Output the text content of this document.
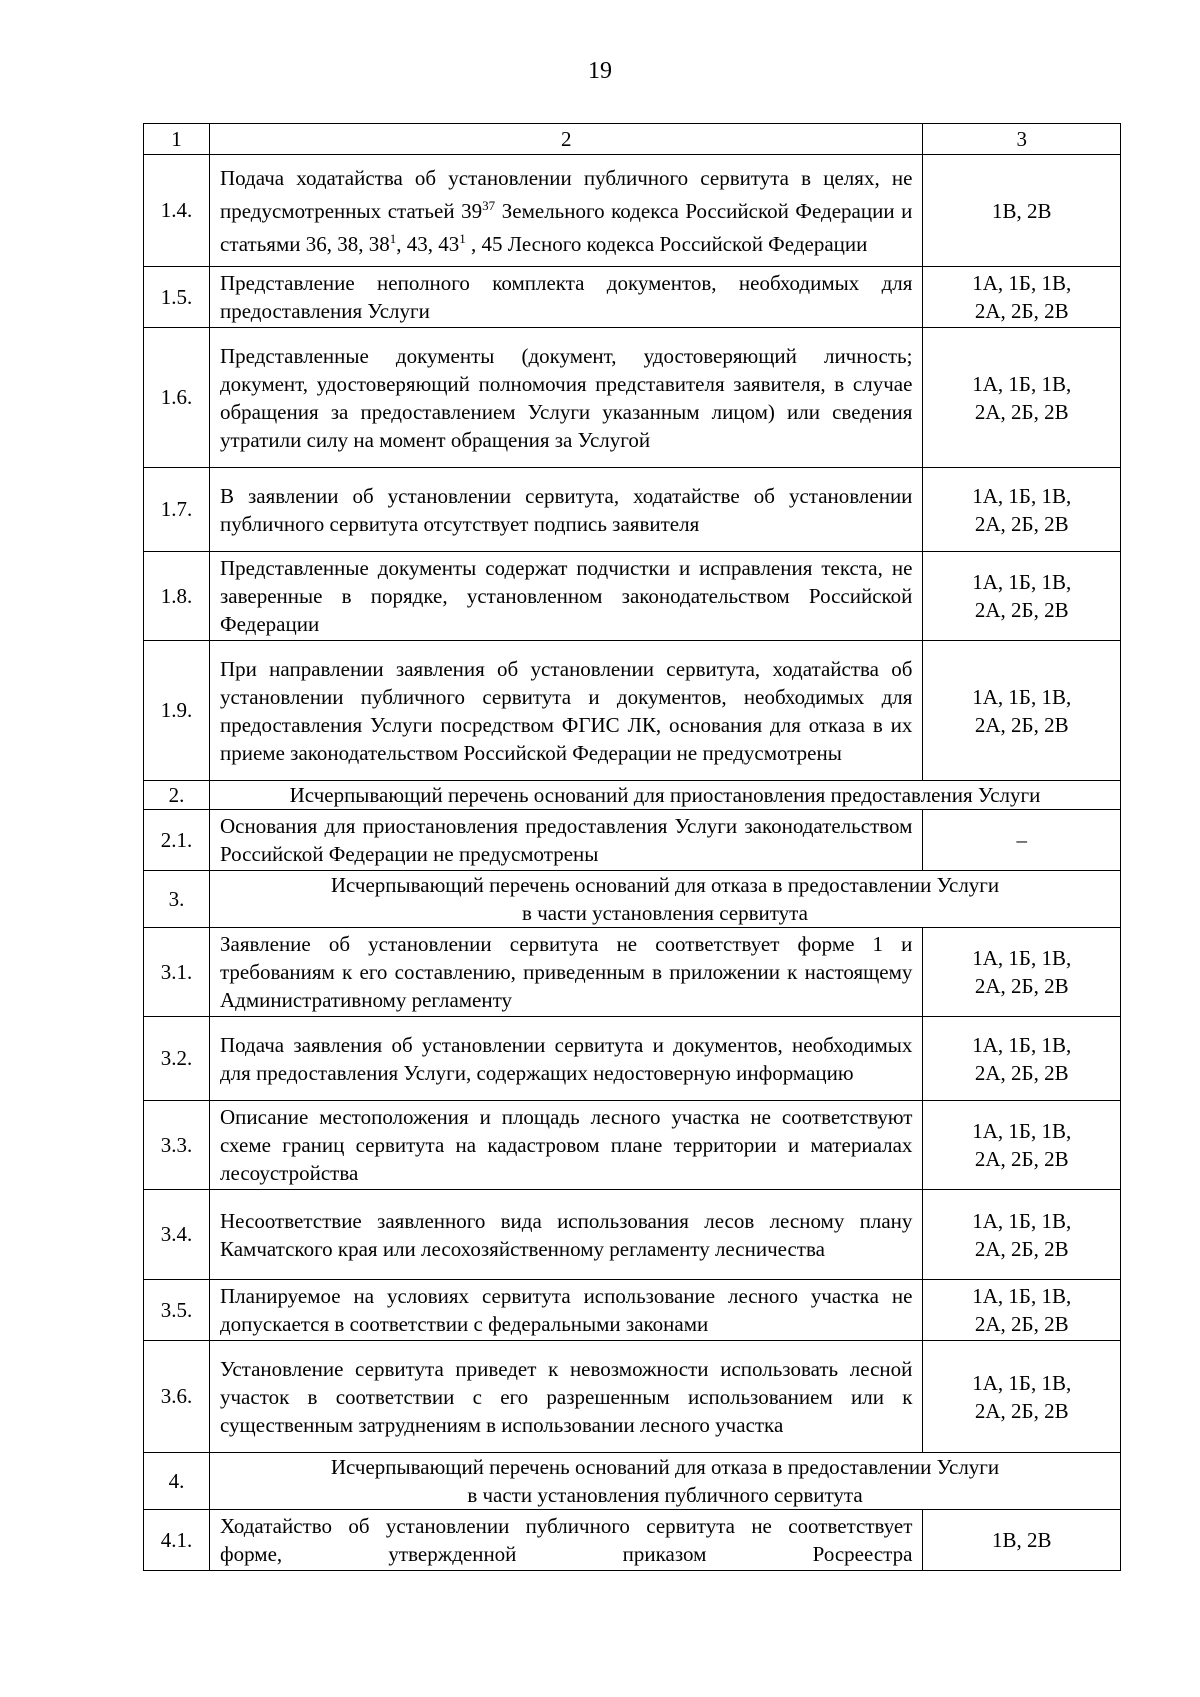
19
1	2	3
1.4.	Подача ходатайства об установлении публичного сервитута в целях, не предусмотренных статьей $39^{37}$ Земельного кодекса Российской Федерации и статьями 36, 38, $38^1$, 43, $43^1$ , 45 Лесного кодекса Российской Федерации	1В, 2В

1.5.	Представление неполного комплекта документов, необходимых для предоставления Услуги	1А, 1Б, 1В,
2А, 2Б, 2В

1.6.	Представленные документы (документ, удостоверяющий личность; документ, удостоверяющий полномочия представителя заявителя, в случае обращения за предоставлением Услуги указанным лицом) или сведения утратили силу на момент обращения за Услугой	1А, 1Б, 1В,
2А, 2Б, 2В

1.7.	В заявлении об установлении сервитута, ходатайстве об установлении публичного сервитута отсутствует подпись заявителя	1А, 1Б, 1В,
2А, 2Б, 2В

1.8.	Представленные документы содержат подчистки и исправления текста, не заверенные в порядке, установленном законодательством Российской Федерации	1А, 1Б, 1В,
2А, 2Б, 2В

1.9.	При направлении заявления об установлении сервитута, ходатайства об установлении публичного сервитута и документов, необходимых для предоставления Услуги посредством ФГИС ЛК, основания для отказа в их приеме законодательством Российской Федерации не предусмотрены	1А, 1Б, 1В,
2А, 2Б, 2В

2.	Исчерпывающий перечень оснований для приостановления предоставления Услуги	
2.1.	Основания для приостановления предоставления Услуги законодательством Российской Федерации не предусмотрены	–

3.	Исчерпывающий перечень оснований для отказа в предоставлении Услуги
в части установления сервитута	

3.1.	Заявление об установлении сервитута не соответствует форме 1 и требованиям к его составлению, приведенным в приложении к настоящему Административному регламенту	1А, 1Б, 1В,
2А, 2Б, 2В

3.2.	Подача заявления об установлении сервитута и документов, необходимых для предоставления Услуги, содержащих недостоверную информацию	1А, 1Б, 1В,
2А, 2Б, 2В

3.3.	Описание местоположения и площадь лесного участка не соответствуют схеме границ сервитута на кадастровом плане территории и материалах лесоустройства	1А, 1Б, 1В,
2А, 2Б, 2В

3.4.	Несоответствие заявленного вида использования лесов лесному плану Камчатского края или лесохозяйственному регламенту лесничества	1А, 1Б, 1В,
2А, 2Б, 2В

3.5.	Планируемое на условиях сервитута использование лесного участка не допускается в соответствии с федеральными законами	1А, 1Б, 1В,
2А, 2Б, 2В

3.6.	Установление сервитута приведет к невозможности использовать лесной участок в соответствии с его разрешенным использованием или к существенным затруднениям в использовании лесного участка	1А, 1Б, 1В,
2А, 2Б, 2В

4.	Исчерпывающий перечень оснований для отказа в предоставлении Услуги
в части установления публичного сервитута	

4.1.	Ходатайство об установлении публичного сервитута не соответствует форме, утвержденной приказом Росреестра	1В, 2В
